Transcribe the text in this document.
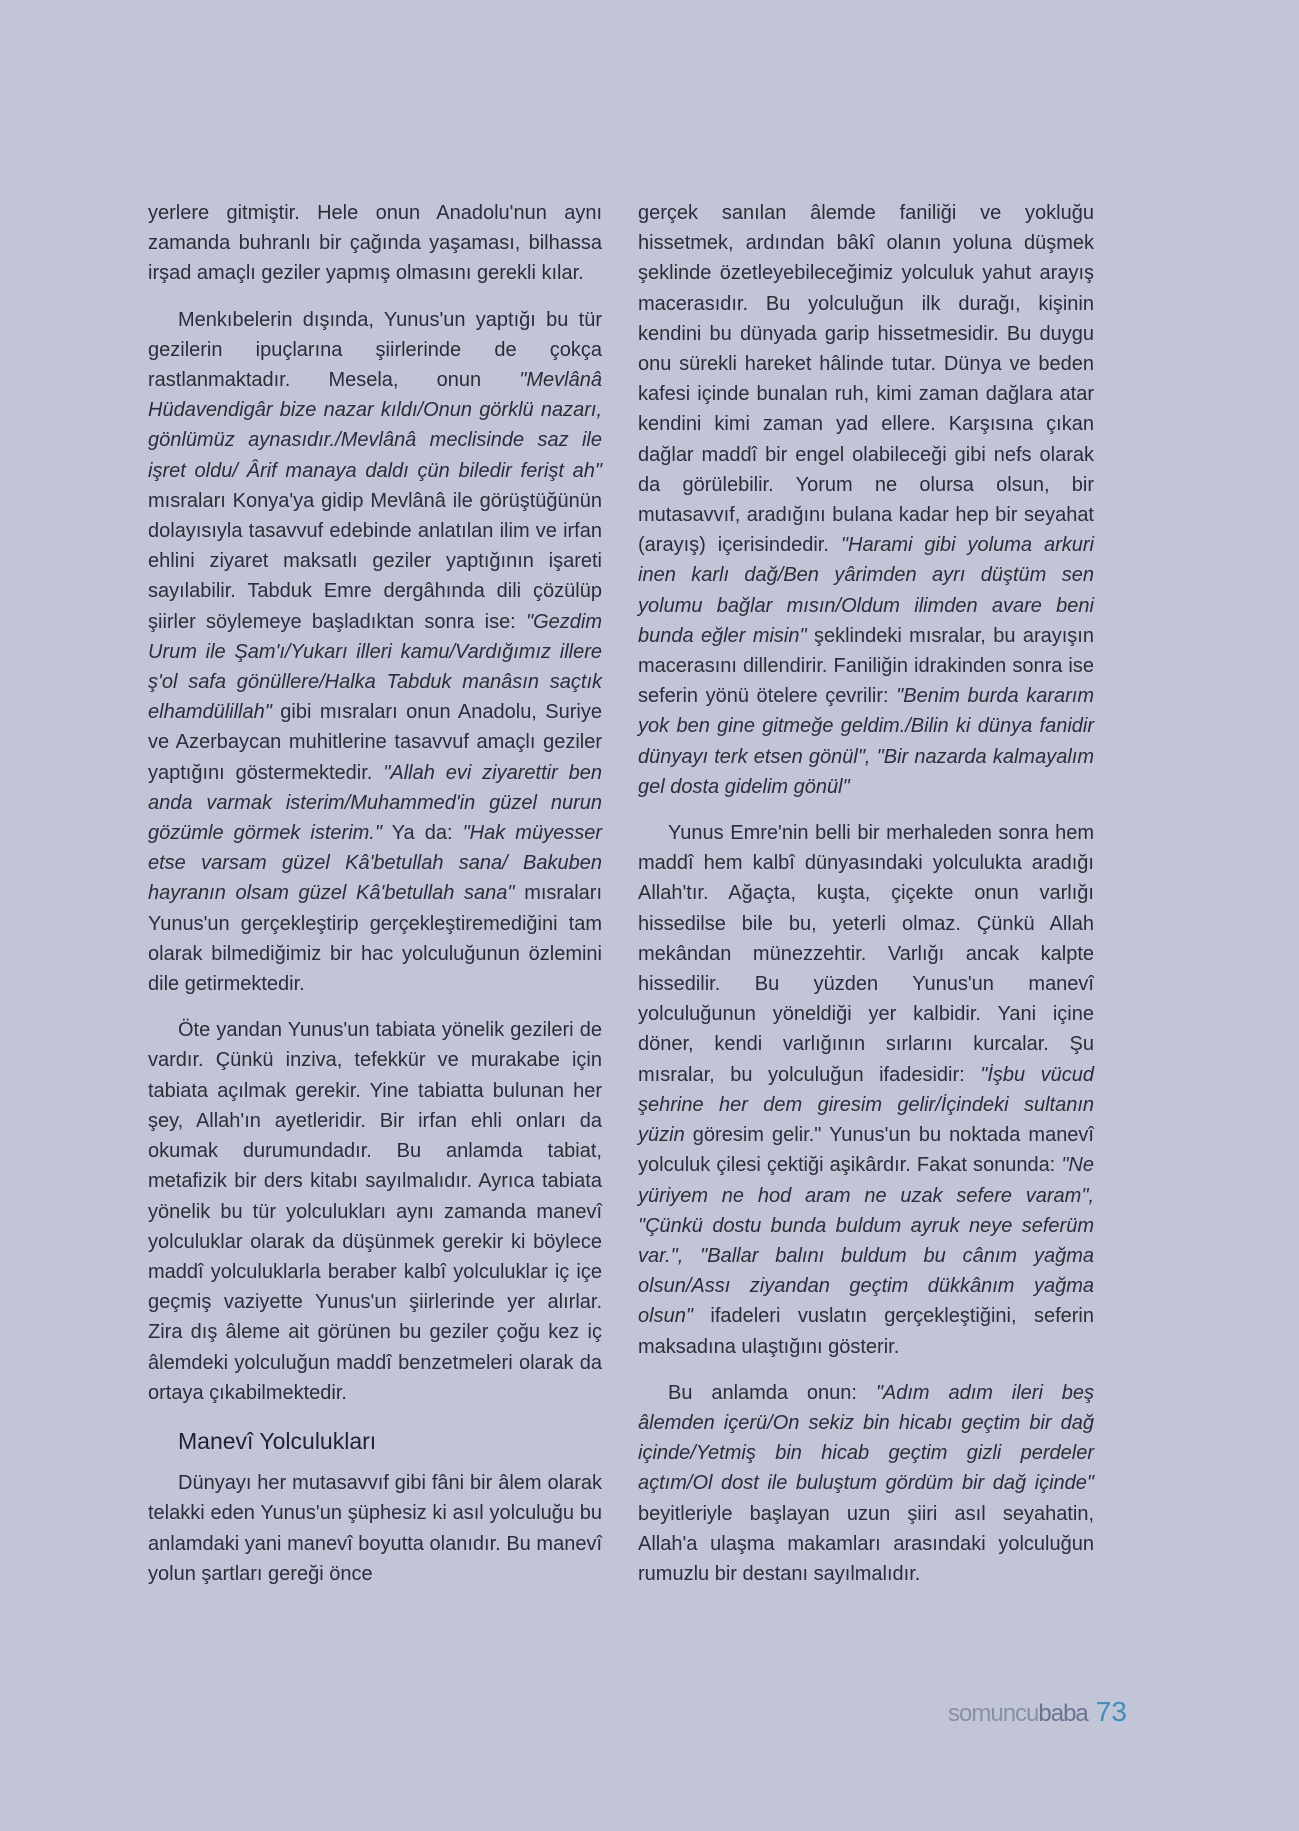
yerlere gitmiştir. Hele onun Anadolu'nun aynı zamanda buhranlı bir çağında yaşaması, bilhassa irşad amaçlı geziler yapmış olmasını gerekli kılar.

Menkıbelerin dışında, Yunus'un yaptığı bu tür gezilerin ipuçlarına şiirlerinde de çokça rastlanmaktadır. Mesela, onun "Mevlânâ Hüdavendigâr bize nazar kıldı/Onun görklü nazarı, gönlümüz aynasıdır./Mevlânâ meclisinde saz ile işret oldu/ Ârif manaya daldı çün biledir ferişt ah" mısraları Konya'ya gidip Mevlânâ ile görüştüğünün dolayısıyla tasavvuf edebinde anlatılan ilim ve irfan ehlini ziyaret maksatlı geziler yaptığının işareti sayılabilir. Tabduk Emre dergâhında dili çözülüp şiirler söylemeye başladıktan sonra ise: "Gezdim Urum ile Şam'ı/Yukarı illeri kamu/Vardığımız illere ş'ol safa gönüllere/Halka Tabduk manâsın saçtık elhamdülillah" gibi mısraları onun Anadolu, Suriye ve Azerbaycan muhitlerine tasavvuf amaçlı geziler yaptığını göstermektedir. "Allah evi ziyarettir ben anda varmak isterim/Muhammed'in güzel nurun gözümle görmek isterim." Ya da: "Hak müyesser etse varsam güzel Kâ'betullah sana/ Bakuben hayranın olsam güzel Kâ'betullah sana" mısraları Yunus'un gerçekleştirip gerçekleştiremediğini tam olarak bilmediğimiz bir hac yolculuğunun özlemini dile getirmektedir.

Öte yandan Yunus'un tabiata yönelik gezileri de vardır. Çünkü inziva, tefekkür ve murakabe için tabiata açılmak gerekir. Yine tabiatta bulunan her şey, Allah'ın ayetleridir. Bir irfan ehli onları da okumak durumundadır. Bu anlamda tabiat, metafizik bir ders kitabı sayılmalıdır. Ayrıca tabiata yönelik bu tür yolculukları aynı zamanda manevî yolculuklar olarak da düşünmek gerekir ki böylece maddî yolculuklarla beraber kalbî yolculuklar iç içe geçmiş vaziyette Yunus'un şiirlerinde yer alırlar. Zira dış âleme ait görünen bu geziler çoğu kez iç âlemdeki yolculuğun maddî benzetmeleri olarak da ortaya çıkabilmektedir.

Manevî Yolculukları

Dünyayı her mutasavvıf gibi fâni bir âlem olarak telakki eden Yunus'un şüphesiz ki asıl yolculuğu bu anlamdaki yani manevî boyutta olanıdır. Bu manevî yolun şartları gereği önce

gerçek sanılan âlemde faniliği ve yokluğu hissetmek, ardından bâkî olanın yoluna düşmek şeklinde özetleyebileceğimiz yolculuk yahut arayış macerasıdır. Bu yolculuğun ilk durağı, kişinin kendini bu dünyada garip hissetmesidir. Bu duygu onu sürekli hareket hâlinde tutar. Dünya ve beden kafesi içinde bunalan ruh, kimi zaman dağlara atar kendini kimi zaman yad ellere. Karşısına çıkan dağlar maddî bir engel olabileceği gibi nefs olarak da görülebilir. Yorum ne olursa olsun, bir mutasavvıf, aradığını bulana kadar hep bir seyahat (arayış) içerisindedir. "Harami gibi yoluma arkuri inen karlı dağ/Ben yârimden ayrı düştüm sen yolumu bağlar mısın/Oldum ilimden avare beni bunda eğler misin" şeklindeki mısralar, bu arayışın macerasını dillendirir. Faniliğin idrakinden sonra ise seferin yönü ötelere çevrilir: "Benim burda kararım yok ben gine gitmeğe geldim./Bilin ki dünya fanidir dünyayı terk etsen gönül", "Bir nazarda kalmayalım gel dosta gidelim gönül"

Yunus Emre'nin belli bir merhaleden sonra hem maddî hem kalbî dünyasındaki yolculukta aradığı Allah'tır. Ağaçta, kuşta, çiçekte onun varlığı hissedilse bile bu, yeterli olmaz. Çünkü Allah mekândan münezzehtir. Varlığı ancak kalpte hissedilir. Bu yüzden Yunus'un manevî yolculuğunun yöneldiği yer kalbidir. Yani içine döner, kendi varlığının sırlarını kurcalar. Şu mısralar, bu yolculuğun ifadesidir: "İşbu vücud şehrine her dem giresim gelir/İçindeki sultanın yüzin göresim gelir." Yunus'un bu noktada manevî yolculuk çilesi çektiği aşikârdır. Fakat sonunda: "Ne yüriyem ne hod aram ne uzak sefere varam", "Çünkü dostu bunda buldum ayruk neye seferüm var.", "Ballar balını buldum bu cânım yağma olsun/Assı ziyandan geçtim dükkânım yağma olsun" ifadeleri vuslatın gerçekleştiğini, seferin maksadına ulaştığını gösterir.

Bu anlamda onun: "Adım adım ileri beş âlemden içerü/On sekiz bin hicabı geçtim bir dağ içinde/Yetmiş bin hicab geçtim gizli perdeler açtım/Ol dost ile buluştum gördüm bir dağ içinde" beyitleriyle başlayan uzun şiiri asıl seyahatin, Allah'a ulaşma makamları arasındaki yolculuğun rumuzlu bir destanı sayılmalıdır.

somuncubaba 73
